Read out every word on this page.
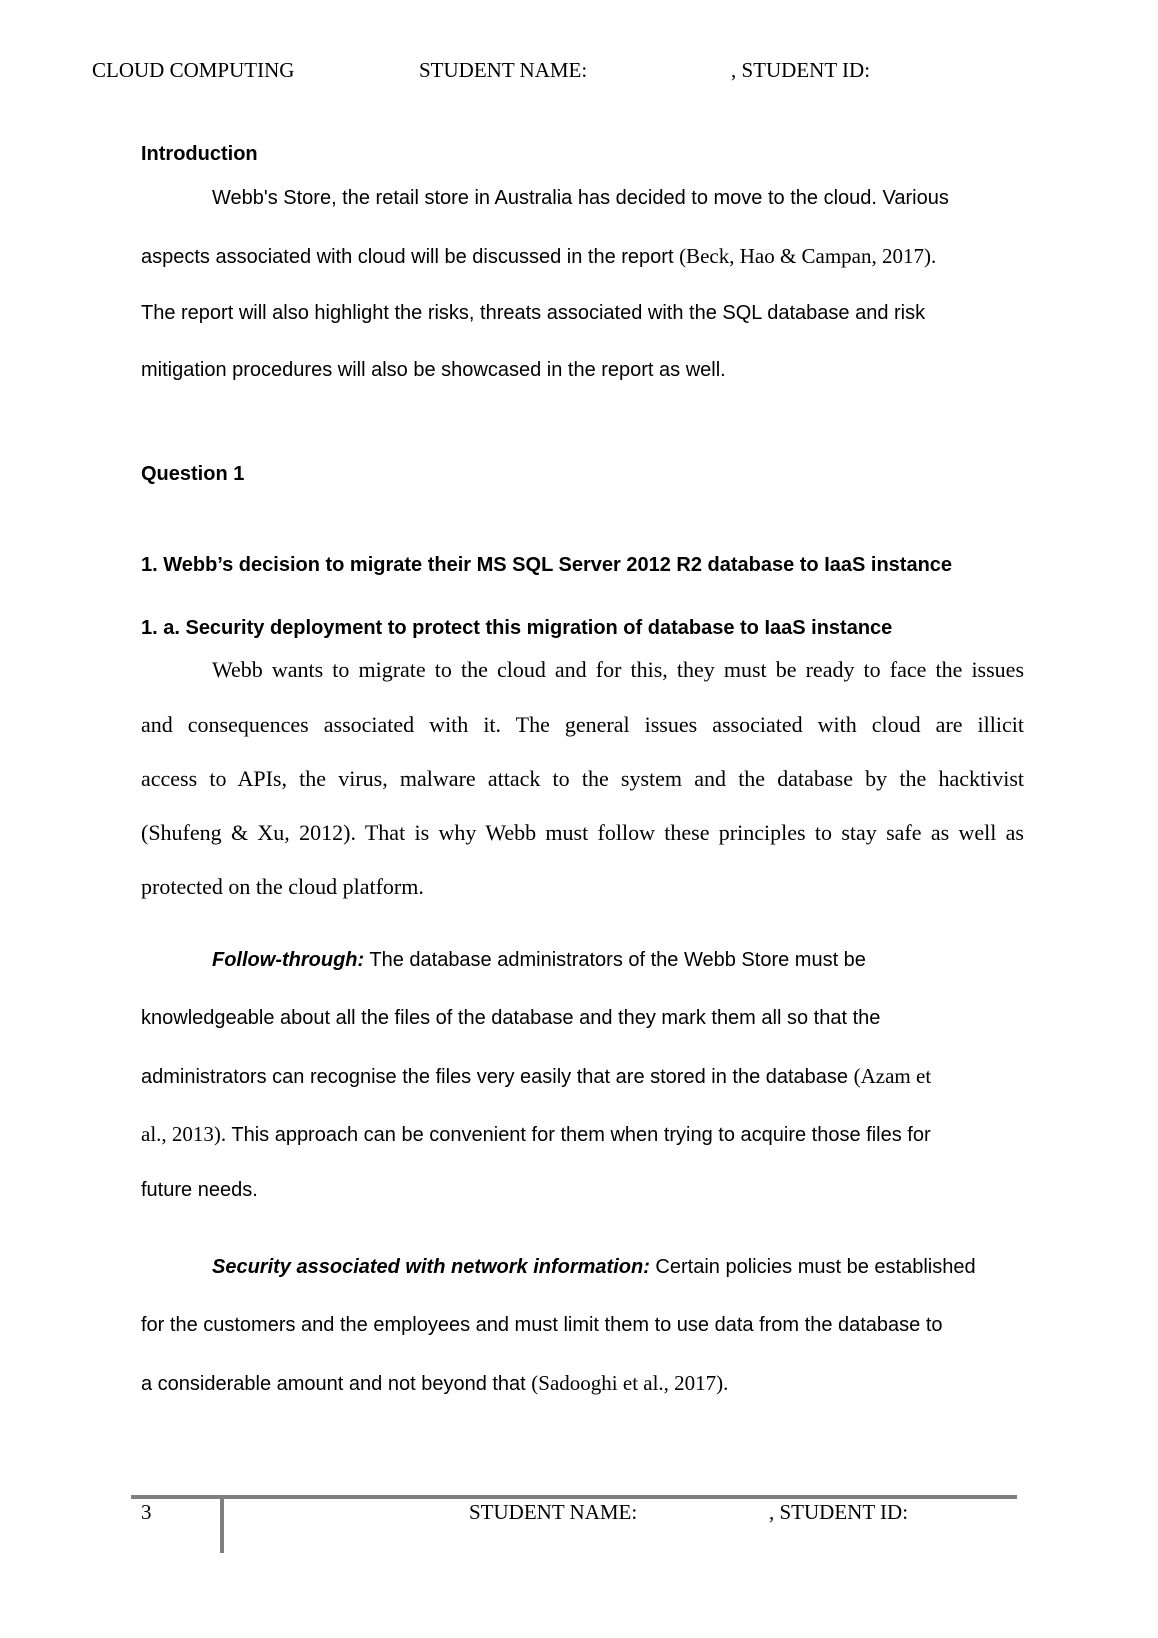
CLOUD COMPUTING	STUDENT NAME:	, STUDENT ID:
Introduction
Webb's Store, the retail store in Australia has decided to move to the cloud. Various
aspects associated with cloud will be discussed in the report (Beck, Hao & Campan, 2017).
The report will also highlight the risks, threats associated with the SQL database and risk
mitigation procedures will also be showcased in the report as well.
Question 1
1. Webb’s decision to migrate their MS SQL Server 2012 R2 database to IaaS instance
1. a. Security deployment to protect this migration of database to IaaS instance
Webb wants to migrate to the cloud and for this, they must be ready to face the issues
and consequences associated with it. The general issues associated with cloud are illicit
access to APIs, the virus, malware attack to the system and the database by the hacktivist
(Shufeng & Xu, 2012). That is why Webb must follow these principles to stay safe as well as
protected on the cloud platform.
Follow-through: The database administrators of the Webb Store must be
knowledgeable about all the files of the database and they mark them all so that the
administrators can recognise the files very easily that are stored in the database (Azam et
al., 2013). This approach can be convenient for them when trying to acquire those files for
future needs.
Security associated with network information: Certain policies must be established
for the customers and the employees and must limit them to use data from the database to
a considerable amount and not beyond that (Sadooghi et al., 2017).
3	STUDENT NAME:	, STUDENT ID:
